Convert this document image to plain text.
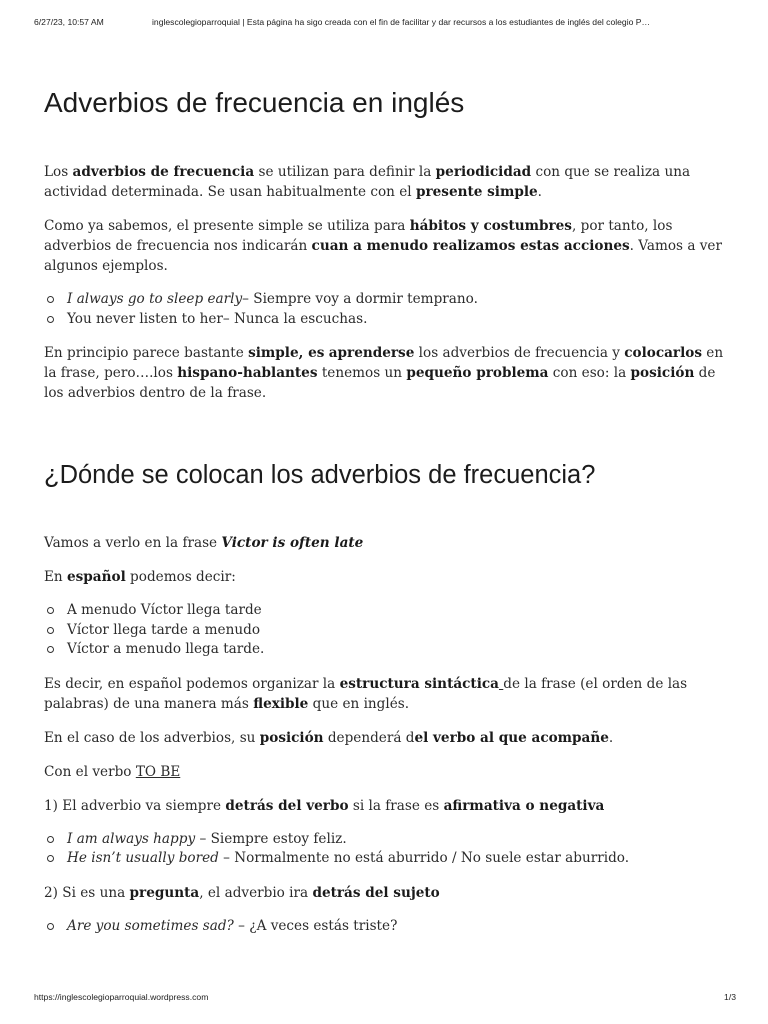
6/27/23, 10:57 AM	inglescolegioparroquial | Esta página ha sigo creada con el fin de facilitar y dar recursos a los estudiantes de inglés del colegio P…
Adverbios de frecuencia en inglés

Los adverbios de frecuencia se utilizan para definir la periodicidad con que se realiza una actividad determinada. Se usan habitualmente con el presente simple.

Como ya sabemos, el presente simple se utiliza para hábitos y costumbres, por tanto, los adverbios de frecuencia nos indicarán cuan a menudo realizamos estas acciones. Vamos a ver algunos ejemplos.

I always go to sleep early– Siempre voy a dormir temprano.
You never listen to her– Nunca la escuchas.

En principio parece bastante simple, es aprenderse los adverbios de frecuencia y colocarlos en la frase, pero….los hispano-hablantes tenemos un pequeño problema con eso: la posición de los adverbios dentro de la frase.

¿Dónde se colocan los adverbios de frecuencia?

Vamos a verlo en la frase Victor is often late

En español podemos decir:

A menudo Víctor llega tarde
Víctor llega tarde a menudo
Víctor a menudo llega tarde.

Es decir, en español podemos organizar la estructura sintáctica de la frase (el orden de las palabras) de una manera más flexible que en inglés.

En el caso de los adverbios, su posición dependerá del verbo al que acompañe.

Con el verbo TO BE

1) El adverbio va siempre detrás del verbo si la frase es afirmativa o negativa

I am always happy – Siempre estoy feliz.
He isn’t usually bored – Normalmente no está aburrido / No suele estar aburrido.

2) Si es una pregunta, el adverbio ira detrás del sujeto

Are you sometimes sad? – ¿A veces estás triste?
https://inglescolegioparroquial.wordpress.com	1/3
